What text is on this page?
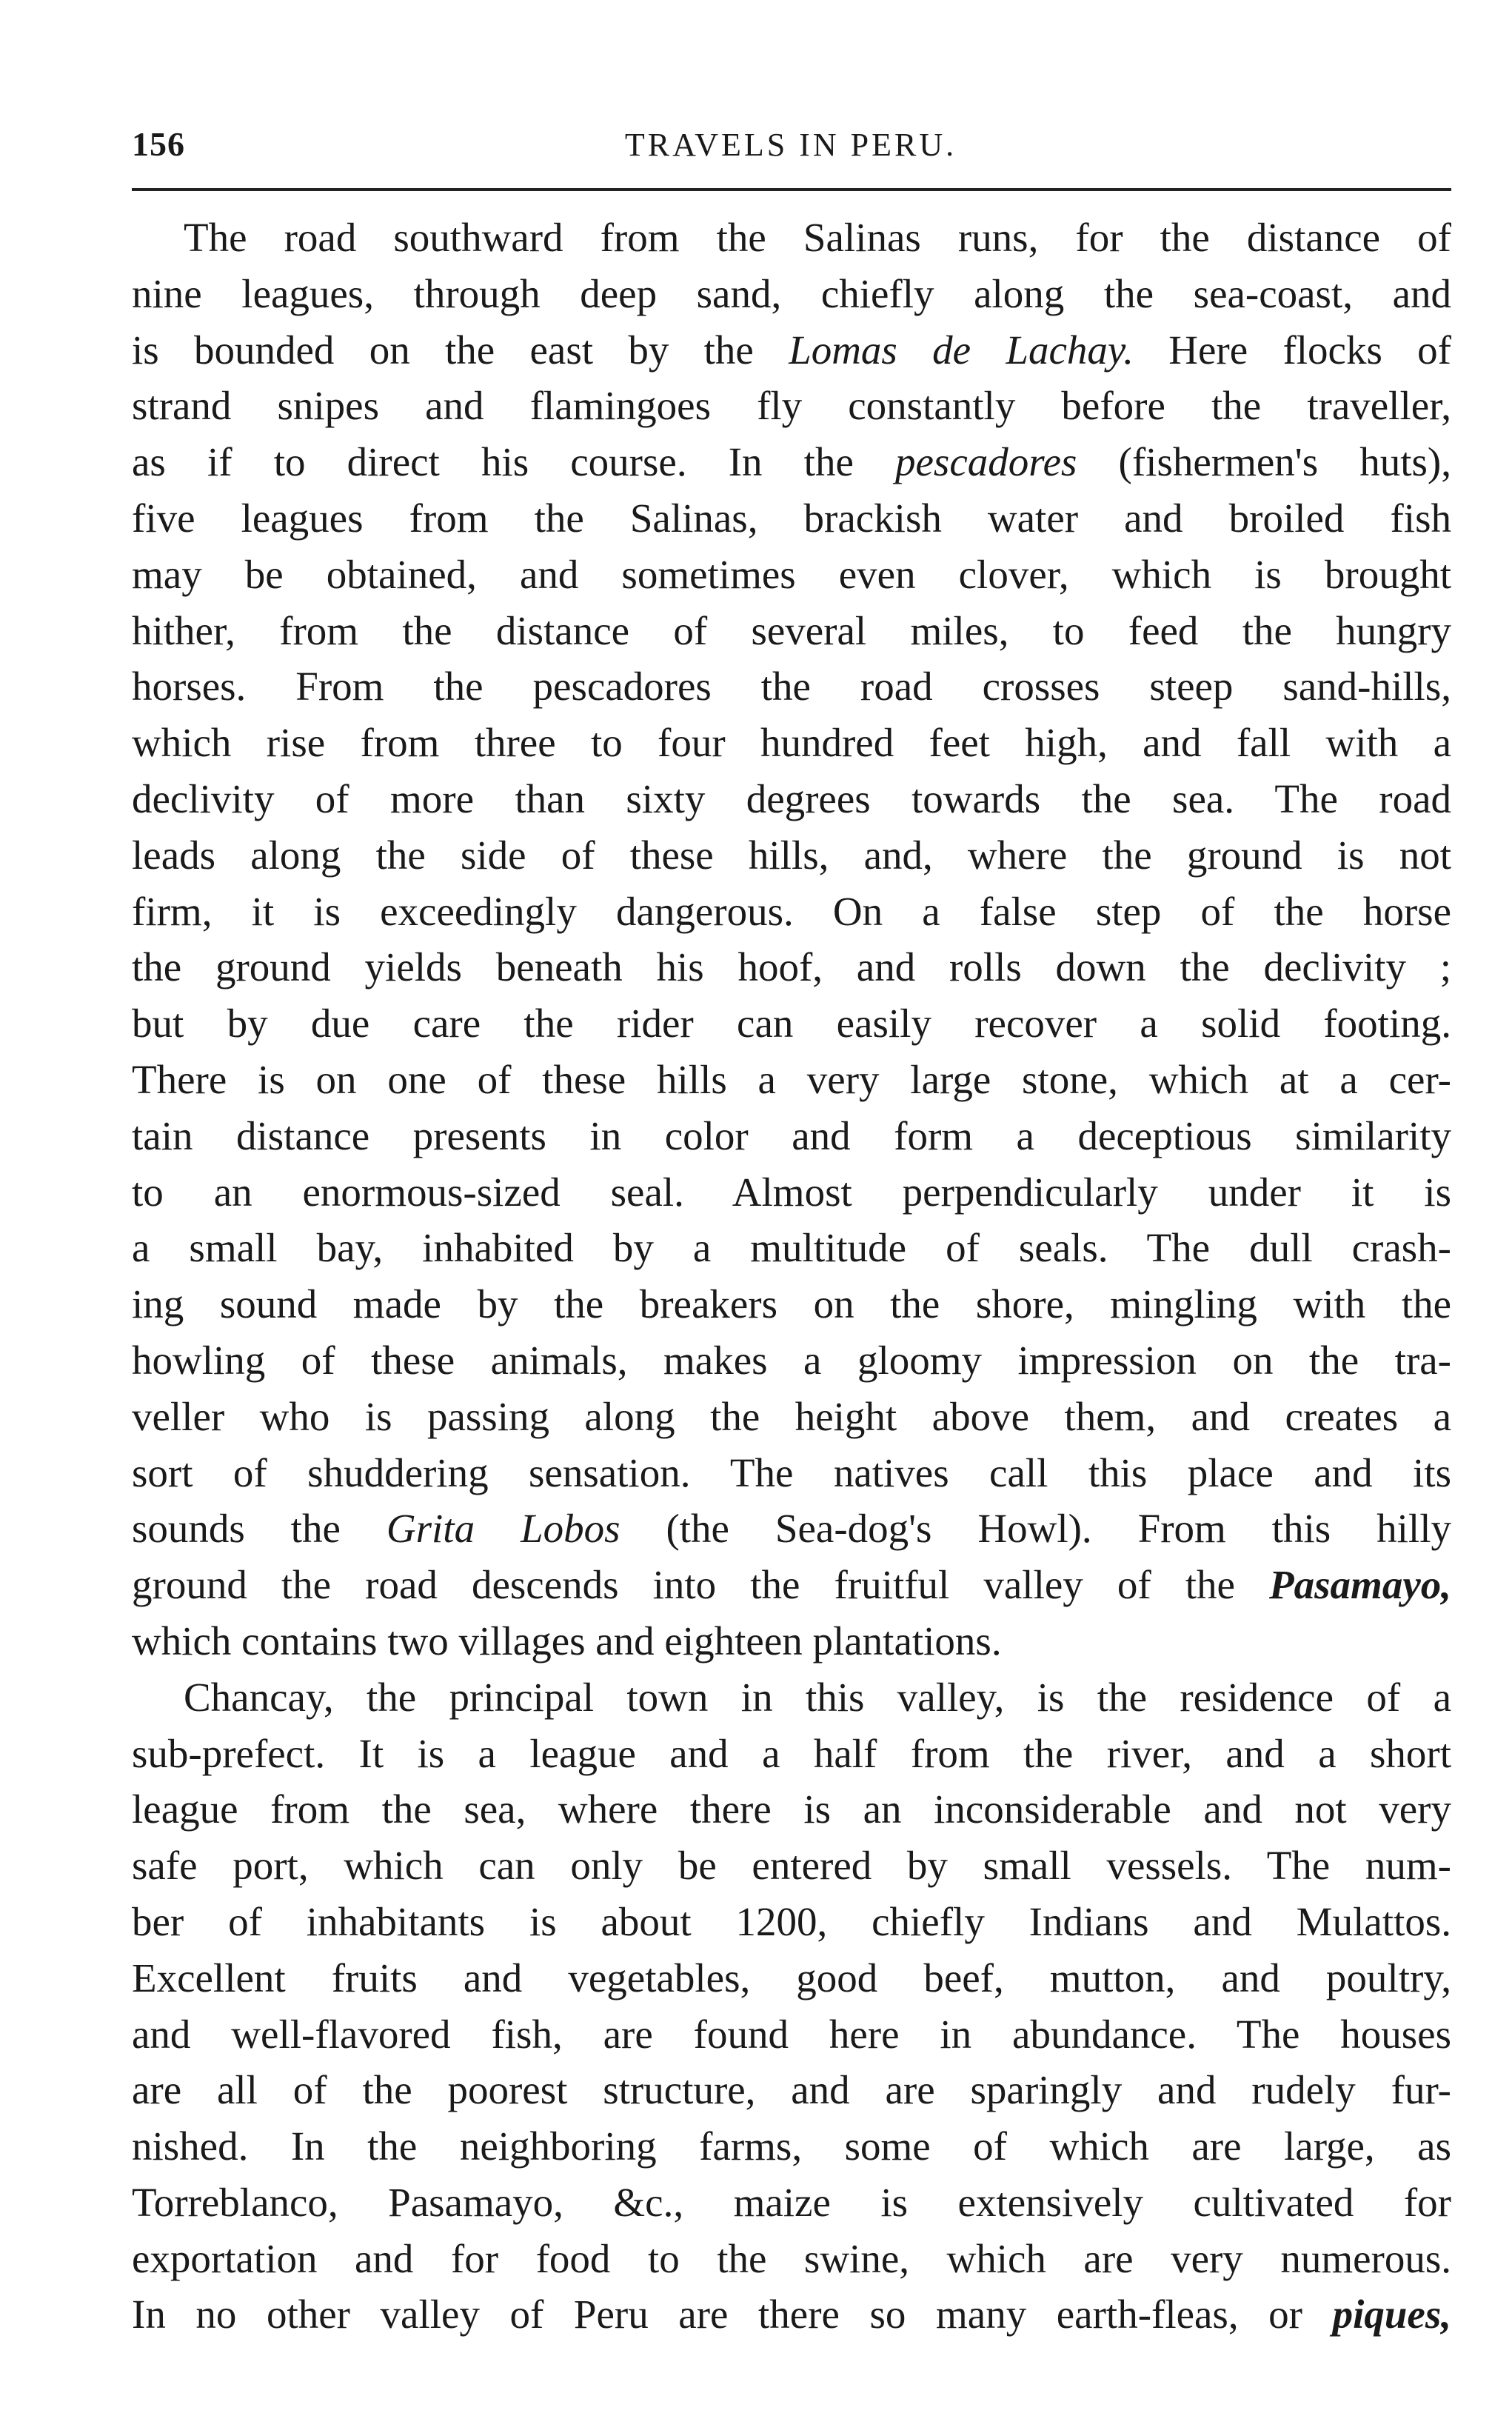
156	TRAVELS IN PERU.
The road southward from the Salinas runs, for the distance of
nine leagues, through deep sand, chiefly along the sea-coast, and
is bounded on the east by the Lomas de Lachay. Here flocks of
strand snipes and flamingoes fly constantly before the traveller,
as if to direct his course. In the pescadores (fishermen's huts),
five leagues from the Salinas, brackish water and broiled fish
may be obtained, and sometimes even clover, which is brought
hither, from the distance of several miles, to feed the hungry
horses. From the pescadores the road crosses steep sand-hills,
which rise from three to four hundred feet high, and fall with a
declivity of more than sixty degrees towards the sea. The road
leads along the side of these hills, and, where the ground is not
firm, it is exceedingly dangerous. On a false step of the horse
the ground yields beneath his hoof, and rolls down the declivity ;
but by due care the rider can easily recover a solid footing.
There is on one of these hills a very large stone, which at a cer-
tain distance presents in color and form a deceptious similarity
to an enormous-sized seal. Almost perpendicularly under it is
a small bay, inhabited by a multitude of seals. The dull crash-
ing sound made by the breakers on the shore, mingling with the
howling of these animals, makes a gloomy impression on the tra-
veller who is passing along the height above them, and creates a
sort of shuddering sensation. The natives call this place and its
sounds the Grita Lobos (the Sea-dog's Howl). From this hilly
ground the road descends into the fruitful valley of the Pasamayo,
which contains two villages and eighteen plantations.
Chancay, the principal town in this valley, is the residence of a
sub-prefect. It is a league and a half from the river, and a short
league from the sea, where there is an inconsiderable and not very
safe port, which can only be entered by small vessels. The num-
ber of inhabitants is about 1200, chiefly Indians and Mulattos.
Excellent fruits and vegetables, good beef, mutton, and poultry,
and well-flavored fish, are found here in abundance. The houses
are all of the poorest structure, and are sparingly and rudely fur-
nished. In the neighboring farms, some of which are large, as
Torreblanco, Pasamayo, &c., maize is extensively cultivated for
exportation and for food to the swine, which are very numerous.
In no other valley of Peru are there so many earth-fleas, or piques,
